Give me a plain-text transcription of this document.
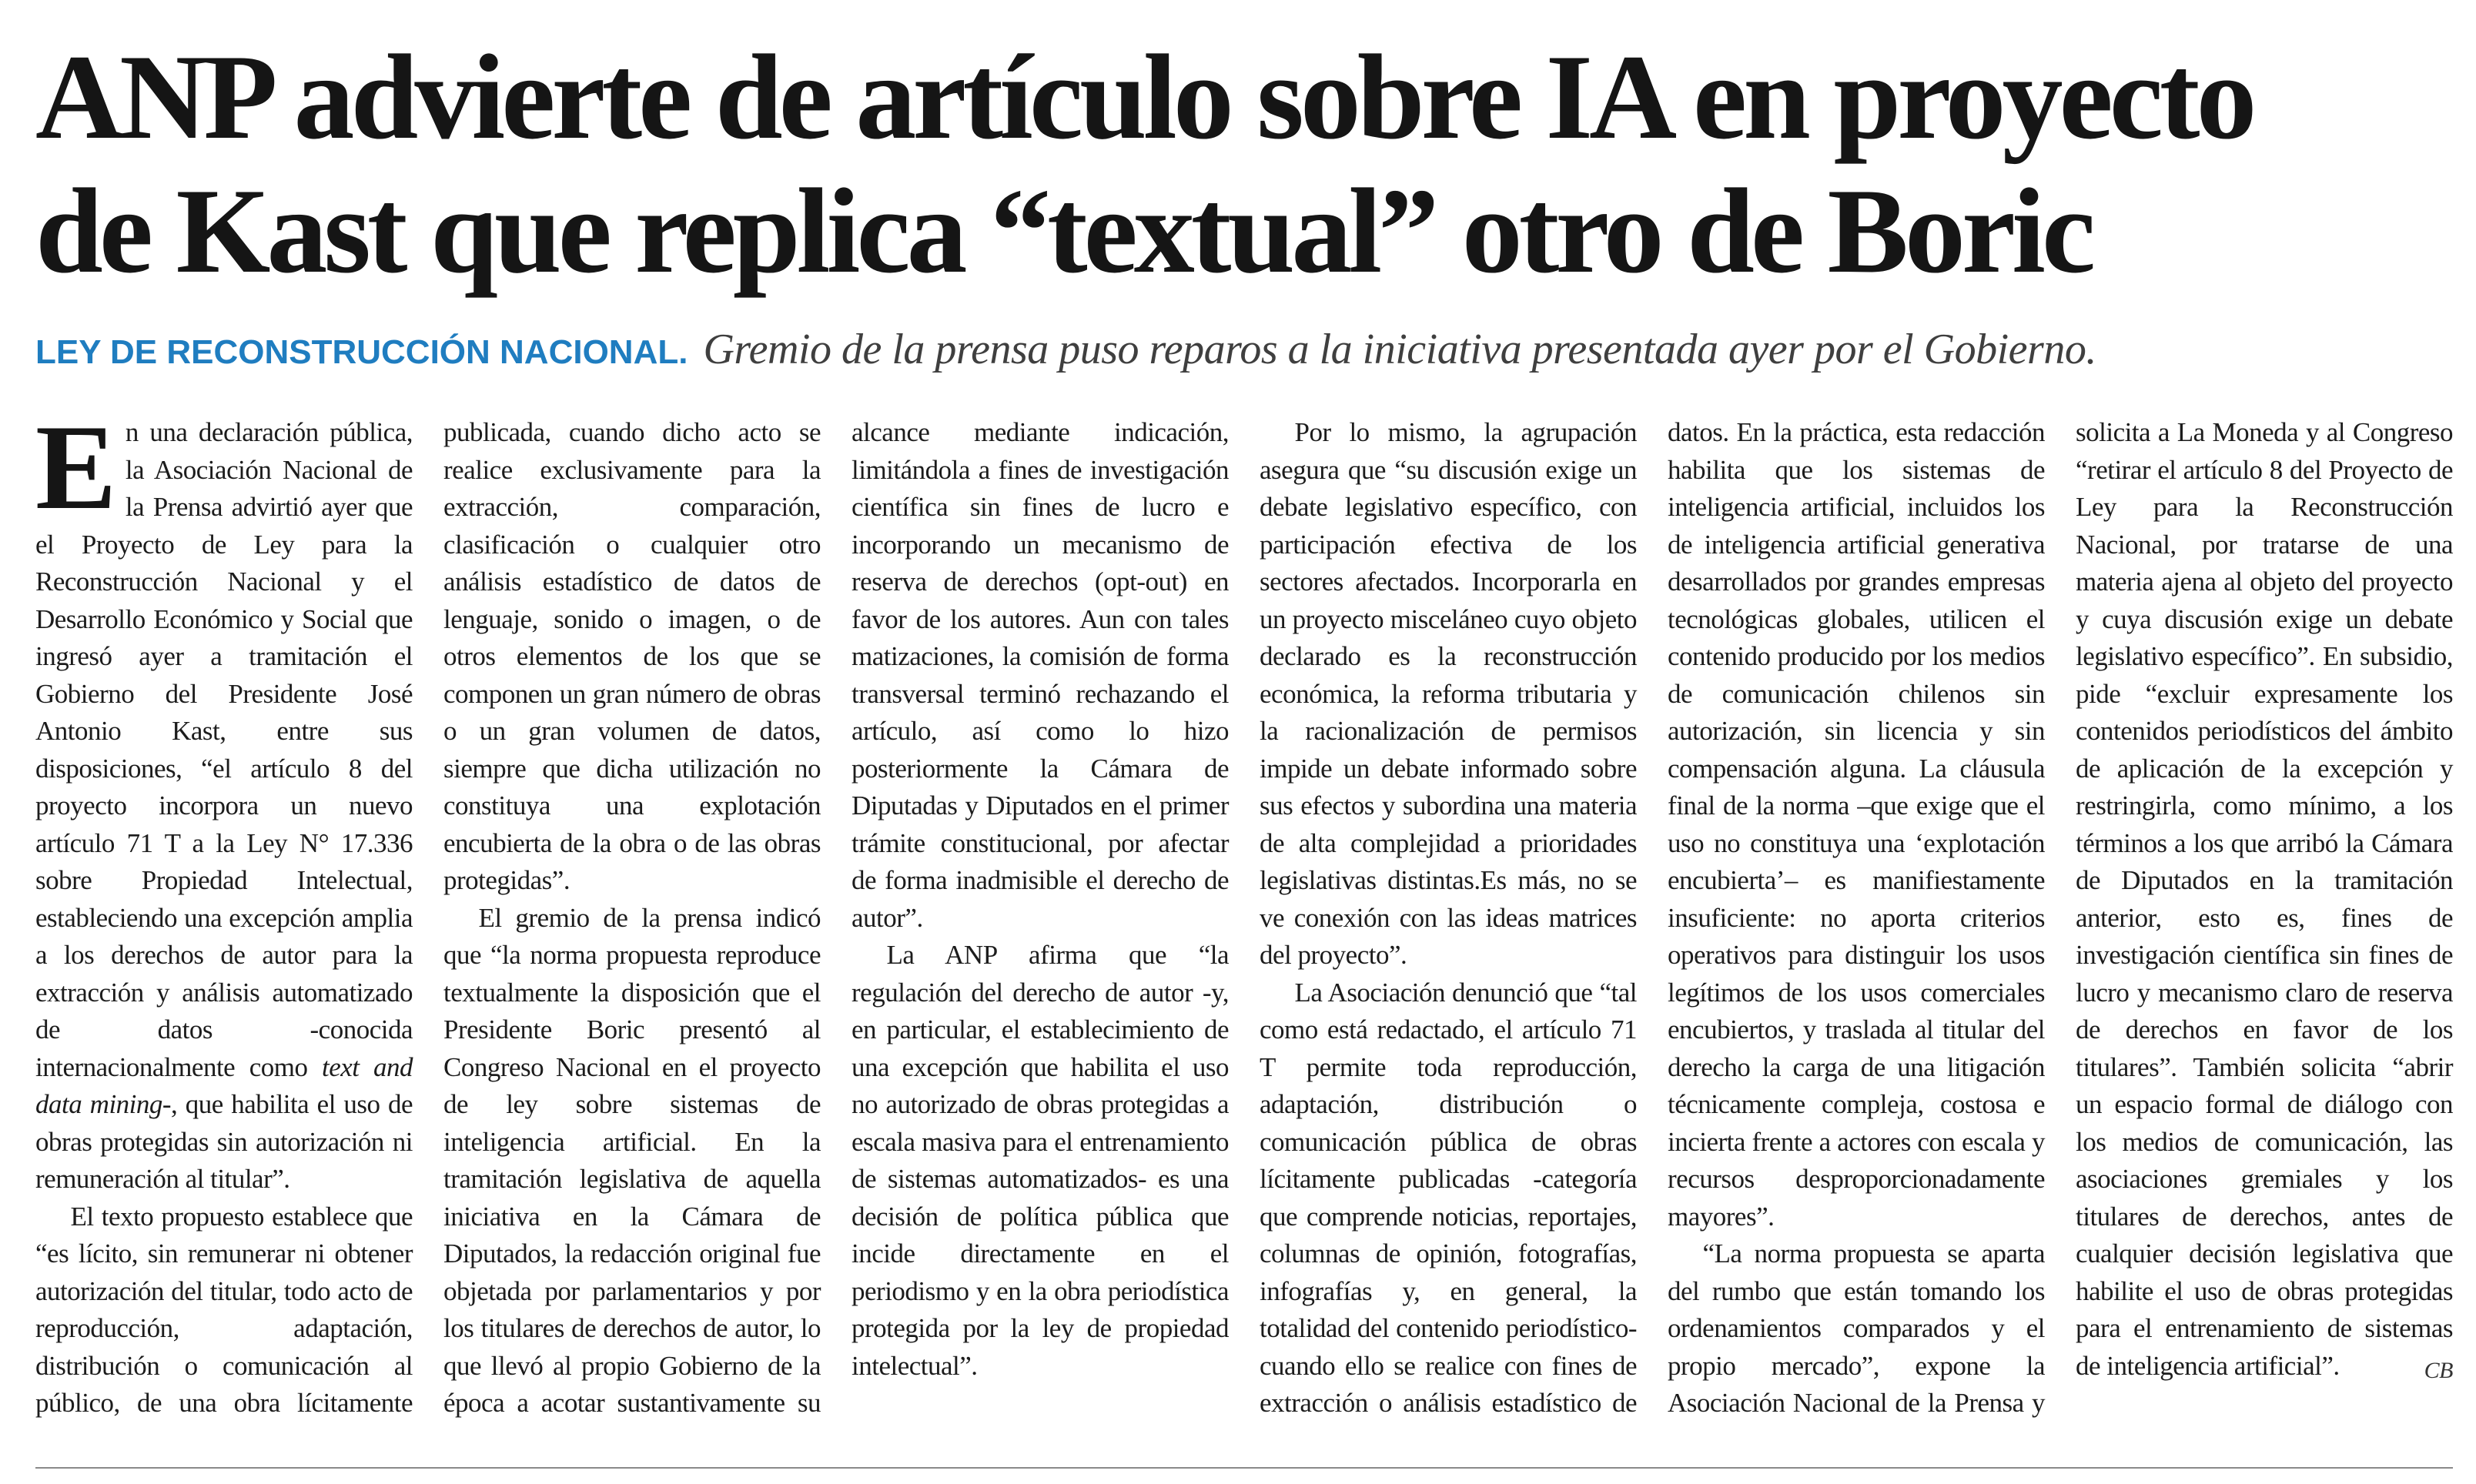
ANP advierte de artículo sobre IA en proyecto
de Kast que replica “textual” otro de Boric
LEY DE RECONSTRUCCIÓN NACIONAL. Gremio de la prensa puso reparos a la iniciativa presentada ayer por el Gobierno.

En una declaración pública, la Asociación Nacional de la Prensa advirtió ayer que el Proyecto de Ley para la Reconstrucción Nacional y el Desarrollo Económico y Social que ingresó ayer a tramitación el Gobierno del Presidente José Antonio Kast, entre sus disposiciones, “el artículo 8 del proyecto incorpora un nuevo artículo 71 T a la Ley N° 17.336 sobre Propiedad Intelectual, estableciendo una excepción amplia a los derechos de autor para la extracción y análisis automatizado de datos -conocida internacionalmente como text and data mining-, que habilita el uso de obras protegidas sin autorización ni remuneración al titular”.

El texto propuesto establece que “es lícito, sin remunerar ni obtener autorización del titular, todo acto de reproducción, adaptación, distribución o comunicación al público, de una obra lícitamente publicada, cuando dicho acto se realice exclusivamente para la extracción, comparación, clasificación o cualquier otro análisis estadístico de datos de lenguaje, sonido o imagen, o de otros elementos de los que se componen un gran número de obras o un gran volumen de datos, siempre que dicha utilización no constituya una explotación encubierta de la obra o de las obras protegidas”.

El gremio de la prensa indicó que “la norma propuesta reproduce textualmente la disposición que el Presidente Boric presentó al Congreso Nacional en el proyecto de ley sobre sistemas de inteligencia artificial. En la tramitación legislativa de aquella iniciativa en la Cámara de Diputados, la redacción original fue objetada por parlamentarios y por los titulares de derechos de autor, lo que llevó al propio Gobierno de la época a acotar sustantivamente su alcance mediante indicación, limitándola a fines de investigación científica sin fines de lucro e incorporando un mecanismo de reserva de derechos (opt-out) en favor de los autores. Aun con tales matizaciones, la comisión de forma transversal terminó rechazando el artículo, así como lo hizo posteriormente la Cámara de Diputadas y Diputados en el primer trámite constitucional, por afectar de forma inadmisible el derecho de autor”.

La ANP afirma que “la regulación del derecho de autor -y, en particular, el establecimiento de una excepción que habilita el uso no autorizado de obras protegidas a escala masiva para el entrenamiento de sistemas automatizados- es una decisión de política pública que incide directamente en el periodismo y en la obra periodística protegida por la ley de propiedad intelectual”.

Por lo mismo, la agrupación asegura que “su discusión exige un debate legislativo específico, con participación efectiva de los sectores afectados. Incorporarla en un proyecto misceláneo cuyo objeto declarado es la reconstrucción económica, la reforma tributaria y la racionalización de permisos impide un debate informado sobre sus efectos y subordina una materia de alta complejidad a prioridades legislativas distintas.Es más, no se ve conexión con las ideas matrices del proyecto”.

La Asociación denunció que “tal como está redactado, el artículo 71 T permite toda reproducción, adaptación, distribución o comunicación pública de obras lícitamente publicadas -categoría que comprende noticias, reportajes, columnas de opinión, fotografías, infografías y, en general, la totalidad del contenido periodístico- cuando ello se realice con fines de extracción o análisis estadístico de datos. En la práctica, esta redacción habilita que los sistemas de inteligencia artificial, incluidos los de inteligencia artificial generativa desarrollados por grandes empresas tecnológicas globales, utilicen el contenido producido por los medios de comunicación chilenos sin autorización, sin licencia y sin compensación alguna. La cláusula final de la norma –que exige que el uso no constituya una ‘explotación encubierta’– es manifiestamente insuficiente: no aporta criterios operativos para distinguir los usos legítimos de los usos comerciales encubiertos, y traslada al titular del derecho la carga de una litigación técnicamente compleja, costosa e incierta frente a actores con escala y recursos desproporcionadamente mayores”.

“La norma propuesta se aparta del rumbo que están tomando los ordenamientos comparados y el propio mercado”, expone la Asociación Nacional de la Prensa y solicita a La Moneda y al Congreso “retirar el artículo 8 del Proyecto de Ley para la Reconstrucción Nacional, por tratarse de una materia ajena al objeto del proyecto y cuya discusión exige un debate legislativo específico”. En subsidio, pide “excluir expresamente los contenidos periodísticos del ámbito de aplicación de la excepción y restringirla, como mínimo, a los términos a los que arribó la Cámara de Diputados en la tramitación anterior, esto es, fines de investigación científica sin fines de lucro y mecanismo claro de reserva de derechos en favor de los titulares”. También solicita “abrir un espacio formal de diálogo con los medios de comunicación, las asociaciones gremiales y los titulares de derechos, antes de cualquier decisión legislativa que habilite el uso de obras protegidas para el entrenamiento de sistemas de inteligencia artificial”.	CB
